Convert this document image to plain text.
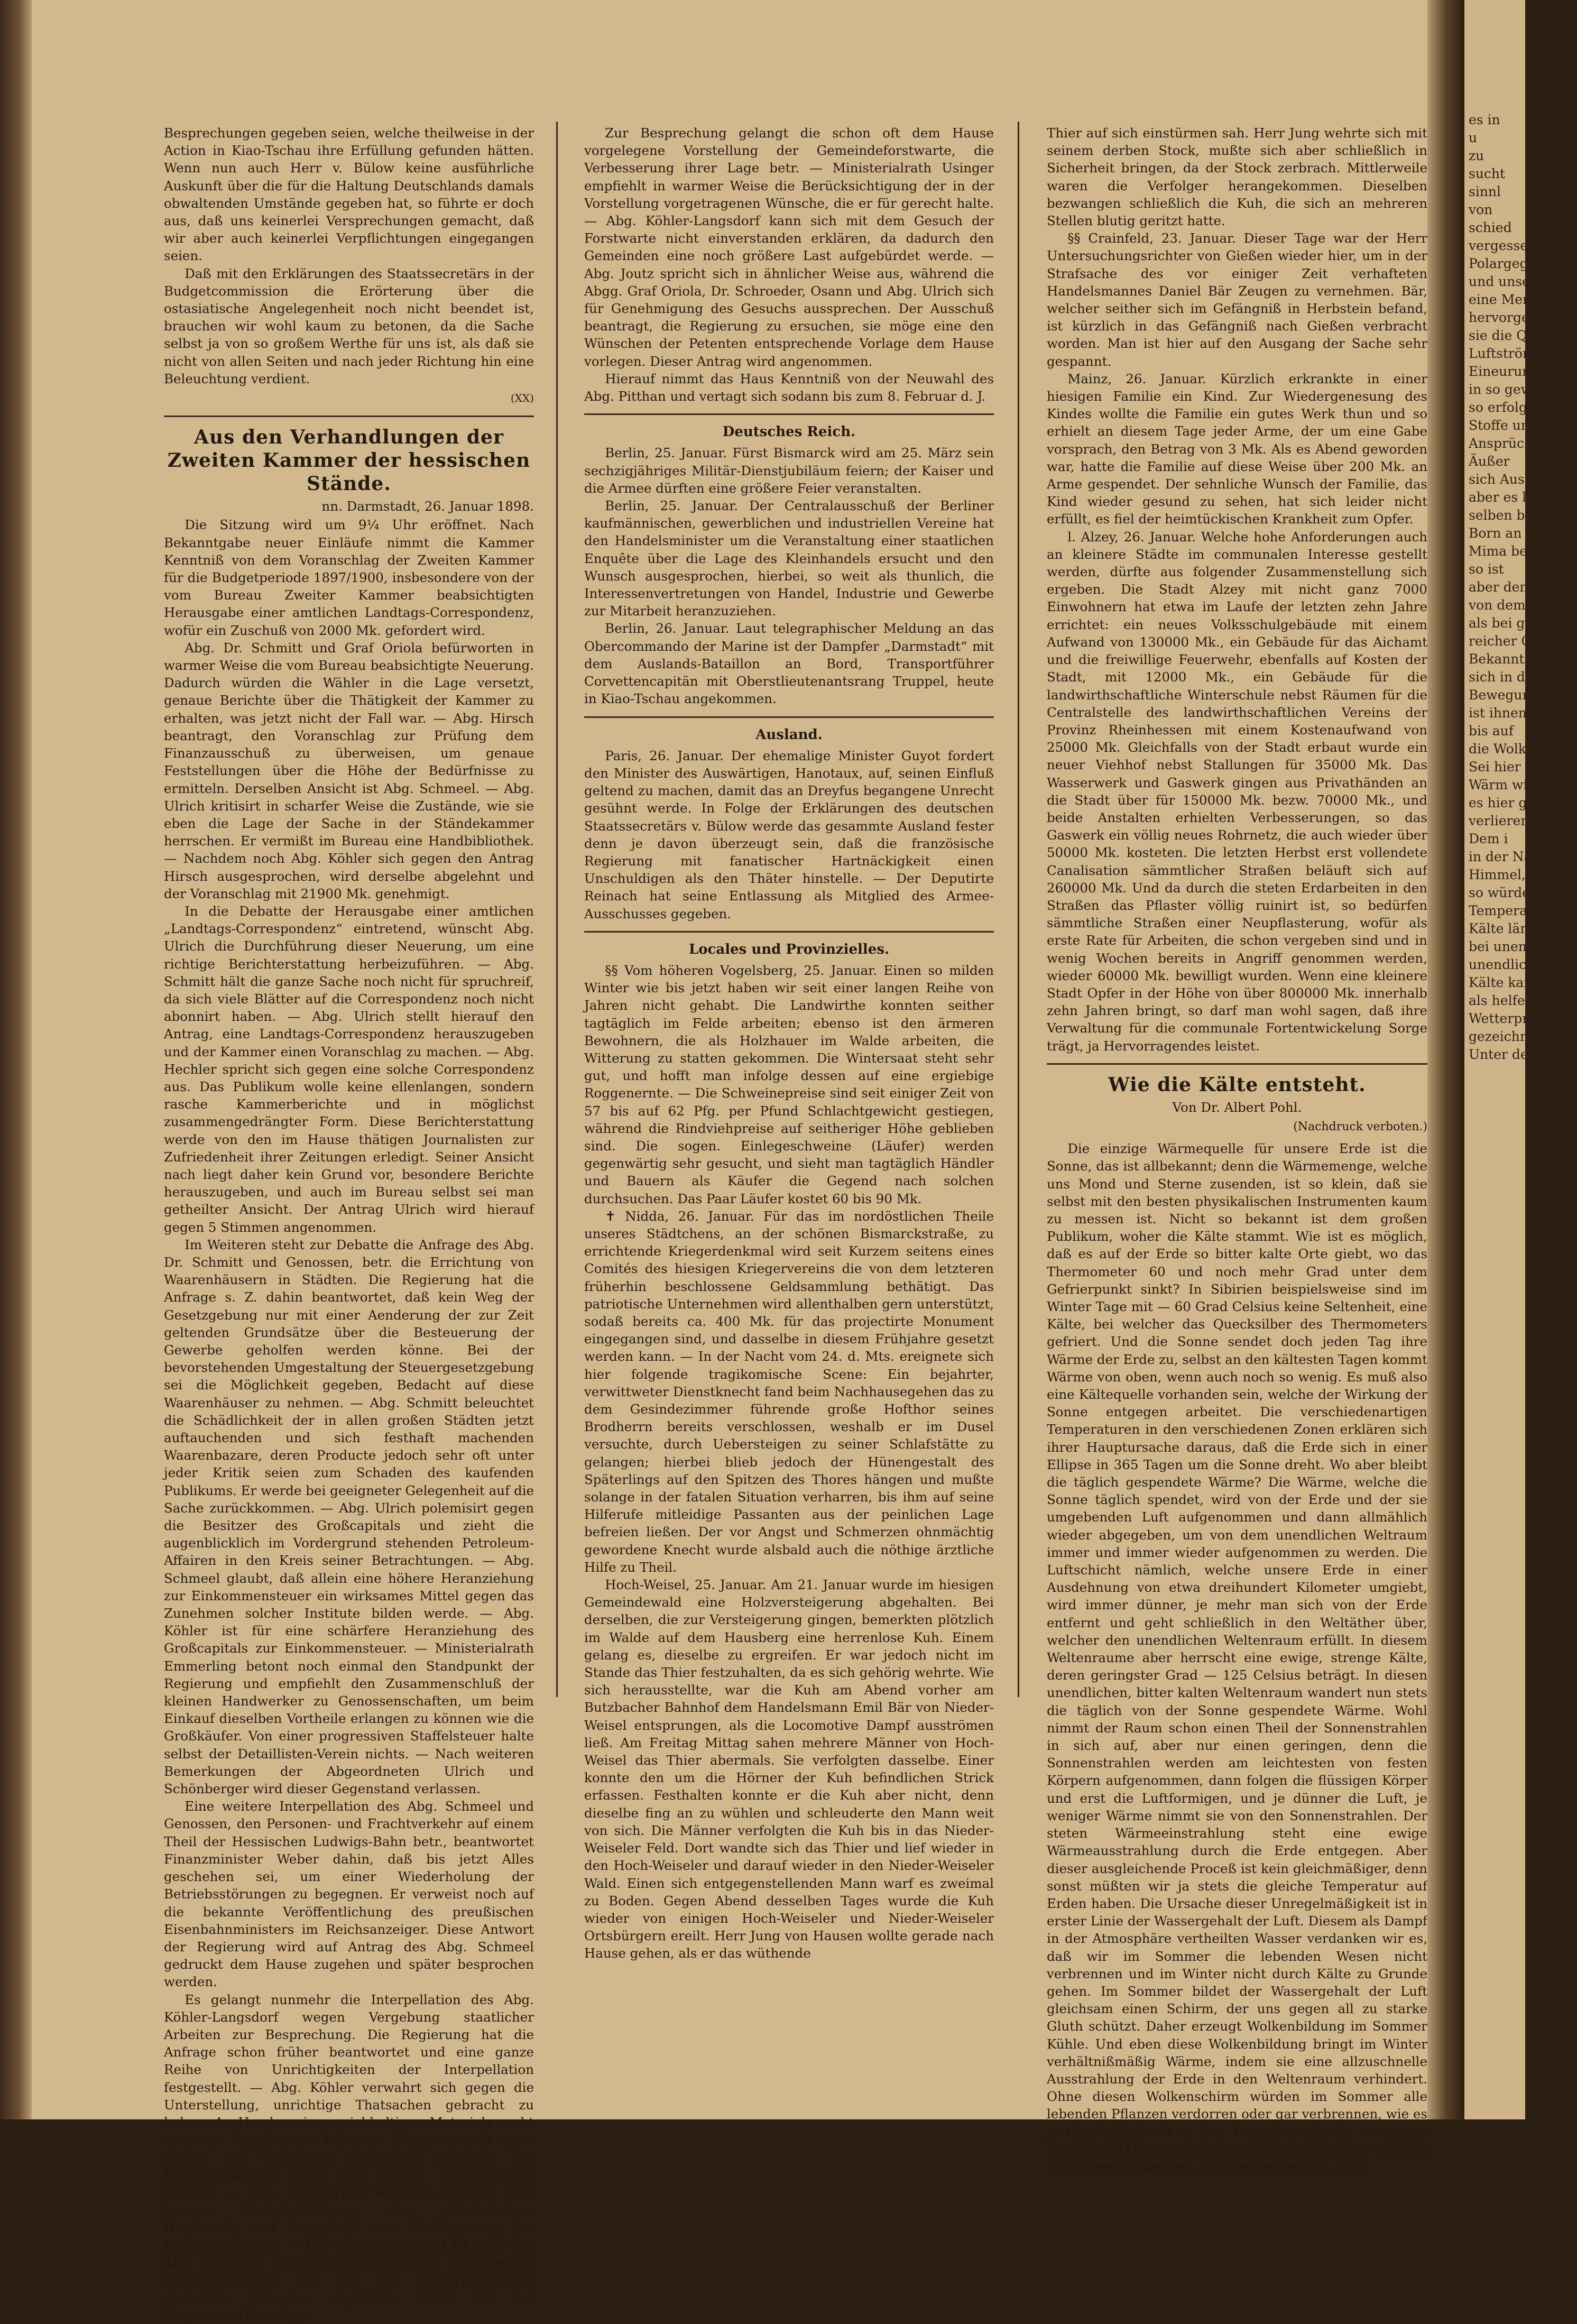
Besprechungen gegeben seien, welche theilweise in der Action in Kiao-Tschau ihre Erfüllung gefunden hätten. Wenn nun auch Herr v. Bülow keine ausführliche Auskunft über die für die Haltung Deutschlands damals obwaltenden Umstände gegeben hat, so führte er doch aus, daß uns keinerlei Versprechungen gemacht, daß wir aber auch keinerlei Verpflichtungen eingegangen seien.

Daß mit den Erklärungen des Staatssecretärs in der Budgetcommission die Erörterung über die ostasiatische Angelegenheit noch nicht beendet ist, brauchen wir wohl kaum zu betonen, da die Sache selbst ja von so großem Werthe für uns ist, als daß sie nicht von allen Seiten und nach jeder Richtung hin eine Beleuchtung verdient.

(XX)
Aus den Verhandlungen der Zweiten Kammer der hessischen Stände.
nn. Darmstadt, 26. Januar 1898.

Die Sitzung wird um 9¼ Uhr eröffnet. Nach Bekanntgabe neuer Einläufe nimmt die Kammer Kenntniß von dem Voranschlag der Zweiten Kammer für die Budgetperiode 1897/1900, insbesondere von der vom Bureau Zweiter Kammer beabsichtigten Herausgabe einer amtlichen Landtags-Correspondenz, wofür ein Zuschuß von 2000 Mk. gefordert wird.

Abg. Dr. Schmitt und Graf Oriola befürworten in warmer Weise die vom Bureau beabsichtigte Neuerung. Dadurch würden die Wähler in die Lage versetzt, genaue Berichte über die Thätigkeit der Kammer zu erhalten, was jetzt nicht der Fall war. — Abg. Hirsch beantragt, den Voranschlag zur Prüfung dem Finanzausschuß zu überweisen, um genaue Feststellungen über die Höhe der Bedürfnisse zu ermitteln. Derselben Ansicht ist Abg. Schmeel. — Abg. Ulrich kritisirt in scharfer Weise die Zustände, wie sie eben die Lage der Sache in der Ständekammer herrschen. Er vermißt im Bureau eine Handbibliothek. — Nachdem noch Abg. Köhler sich gegen den Antrag Hirsch ausgesprochen, wird derselbe abgelehnt und der Voranschlag mit 21900 Mk. genehmigt.

In die Debatte der Herausgabe einer amtlichen „Landtags-Correspondenz“ eintretend, wünscht Abg. Ulrich die Durchführung dieser Neuerung, um eine richtige Berichterstattung herbeizuführen. — Abg. Schmitt hält die ganze Sache noch nicht für spruchreif, da sich viele Blätter auf die Correspondenz noch nicht abonnirt haben. — Abg. Ulrich stellt hierauf den Antrag, eine Landtags-Correspondenz herauszugeben und der Kammer einen Voranschlag zu machen. — Abg. Hechler spricht sich gegen eine solche Correspondenz aus. Das Publikum wolle keine ellenlangen, sondern rasche Kammerberichte und in möglichst zusammengedrängter Form. Diese Berichterstattung werde von den im Hause thätigen Journalisten zur Zufriedenheit ihrer Zeitungen erledigt. Seiner Ansicht nach liegt daher kein Grund vor, besondere Berichte herauszugeben, und auch im Bureau selbst sei man getheilter Ansicht. Der Antrag Ulrich wird hierauf gegen 5 Stimmen angenommen.

Im Weiteren steht zur Debatte die Anfrage des Abg. Dr. Schmitt und Genossen, betr. die Errichtung von Waarenhäusern in Städten. Die Regierung hat die Anfrage s. Z. dahin beantwortet, daß kein Weg der Gesetzgebung nur mit einer Aenderung der zur Zeit geltenden Grundsätze über die Besteuerung der Gewerbe geholfen werden könne. Bei der bevorstehenden Umgestaltung der Steuergesetzgebung sei die Möglichkeit gegeben, Bedacht auf diese Waarenhäuser zu nehmen. — Abg. Schmitt beleuchtet die Schädlichkeit der in allen großen Städten jetzt auftauchenden und sich festhaft machenden Waarenbazare, deren Producte jedoch sehr oft unter jeder Kritik seien zum Schaden des kaufenden Publikums. Er werde bei geeigneter Gelegenheit auf die Sache zurückkommen. — Abg. Ulrich polemisirt gegen die Besitzer des Großcapitals und zieht die augenblicklich im Vordergrund stehenden Petroleum-Affairen in den Kreis seiner Betrachtungen. — Abg. Schmeel glaubt, daß allein eine höhere Heranziehung zur Einkommensteuer ein wirksames Mittel gegen das Zunehmen solcher Institute bilden werde. — Abg. Köhler ist für eine schärfere Heranziehung des Großcapitals zur Einkommensteuer. — Ministerialrath Emmerling betont noch einmal den Standpunkt der Regierung und empfiehlt den Zusammenschluß der kleinen Handwerker zu Genossenschaften, um beim Einkauf dieselben Vortheile erlangen zu können wie die Großkäufer. Von einer progressiven Staffelsteuer halte selbst der Detaillisten-Verein nichts. — Nach weiteren Bemerkungen der Abgeordneten Ulrich und Schönberger wird dieser Gegenstand verlassen.

Eine weitere Interpellation des Abg. Schmeel und Genossen, den Personen- und Frachtverkehr auf einem Theil der Hessischen Ludwigs-Bahn betr., beantwortet Finanzminister Weber dahin, daß bis jetzt Alles geschehen sei, um einer Wiederholung der Betriebsstörungen zu begegnen. Er verweist noch auf die bekannte Veröffentlichung des preußischen Eisenbahnministers im Reichsanzeiger. Diese Antwort der Regierung wird auf Antrag des Abg. Schmeel gedruckt dem Hause zugehen und später besprochen werden.

Es gelangt nunmehr die Interpellation des Abg. Köhler-Langsdorf wegen Vergebung staatlicher Arbeiten zur Besprechung. Die Regierung hat die Anfrage schon früher beantwortet und eine ganze Reihe von Unrichtigkeiten der Interpellation festgestellt. — Abg. Köhler verwahrt sich gegen die Unterstellung, unrichtige Thatsachen gebracht zu haben. An Handen eines reichhaltigen Materials sucht er seine Angaben zu belegen. Seiner Ansicht nach müßte bei Vergebung staatlicher Arbeiten der Kleinhandwerker mehr wie seither berücksichtigt werden. — Abg. Graf Oriola wünscht ebenfalls eine bessere Berücksichtigung des einheimischen Handwerks und demgemäß eine Verlängerung der Lieferungsfristen. — Der gleichen Ansicht ist auch der Abg. Schröder, der noch der Regierung eine bessere Berücksichtigung der von den Gewerbevereinen gestellten Wünsche empfiehlt. Damit ist der Gegenstand beendigt.

Zur Besprechung gelangt die schon oft dem Hause vorgelegene Vorstellung der Gemeindeforstwarte, die Verbesserung ihrer Lage betr. — Ministerialrath Usinger empfiehlt in warmer Weise die Berücksichtigung der in der Vorstellung vorgetragenen Wünsche, die er für gerecht halte. — Abg. Köhler-Langsdorf kann sich mit dem Gesuch der Forstwarte nicht einverstanden erklären, da dadurch den Gemeinden eine noch größere Last aufgebürdet werde. — Abg. Joutz spricht sich in ähnlicher Weise aus, während die Abgg. Graf Oriola, Dr. Schroeder, Osann und Abg. Ulrich sich für Genehmigung des Gesuchs aussprechen. Der Ausschuß beantragt, die Regierung zu ersuchen, sie möge eine den Wünschen der Petenten entsprechende Vorlage dem Hause vorlegen. Dieser Antrag wird angenommen.

Hierauf nimmt das Haus Kenntniß von der Neuwahl des Abg. Pitthan und vertagt sich sodann bis zum 8. Februar d. J.

Deutsches Reich.

Berlin, 25. Januar. Fürst Bismarck wird am 25. März sein sechzigjähriges Militär-Dienstjubiläum feiern; der Kaiser und die Armee dürften eine größere Feier veranstalten.

Berlin, 25. Januar. Der Centralausschuß der Berliner kaufmännischen, gewerblichen und industriellen Vereine hat den Handelsminister um die Veranstaltung einer staatlichen Enquête über die Lage des Kleinhandels ersucht und den Wunsch ausgesprochen, hierbei, so weit als thunlich, die Interessenvertretungen von Handel, Industrie und Gewerbe zur Mitarbeit heranzuziehen.

Berlin, 26. Januar. Laut telegraphischer Meldung an das Obercommando der Marine ist der Dampfer „Darmstadt“ mit dem Auslands-Bataillon an Bord, Transportführer Corvettencapitän mit Oberstlieutenantsrang Truppel, heute in Kiao-Tschau angekommen.

Ausland.

Paris, 26. Januar. Der ehemalige Minister Guyot fordert den Minister des Auswärtigen, Hanotaux, auf, seinen Einfluß geltend zu machen, damit das an Dreyfus begangene Unrecht gesühnt werde. In Folge der Erklärungen des deutschen Staatssecretärs v. Bülow werde das gesammte Ausland fester denn je davon überzeugt sein, daß die französische Regierung mit fanatischer Hartnäckigkeit einen Unschuldigen als den Thäter hinstelle. — Der Deputirte Reinach hat seine Entlassung als Mitglied des Armee-Ausschusses gegeben.

Locales und Provinzielles.

§§ Vom höheren Vogelsberg, 25. Januar. Einen so milden Winter wie bis jetzt haben wir seit einer langen Reihe von Jahren nicht gehabt. Die Landwirthe konnten seither tagtäglich im Felde arbeiten; ebenso ist den ärmeren Bewohnern, die als Holzhauer im Walde arbeiten, die Witterung zu statten gekommen. Die Wintersaat steht sehr gut, und hofft man infolge dessen auf eine ergiebige Roggenernte. — Die Schweinepreise sind seit einiger Zeit von 57 bis auf 62 Pfg. per Pfund Schlachtgewicht gestiegen, während die Rindviehpreise auf seitheriger Höhe geblieben sind. Die sogen. Einlegeschweine (Läufer) werden gegenwärtig sehr gesucht, und sieht man tagtäglich Händler und Bauern als Käufer die Gegend nach solchen durchsuchen. Das Paar Läufer kostet 60 bis 90 Mk.

✝ Nidda, 26. Januar. Für das im nordöstlichen Theile unseres Städtchens, an der schönen Bismarckstraße, zu errichtende Kriegerdenkmal wird seit Kurzem seitens eines Comités des hiesigen Kriegervereins die von dem letzteren früherhin beschlossene Geldsammlung bethätigt. Das patriotische Unternehmen wird allenthalben gern unterstützt, sodaß bereits ca. 400 Mk. für das projectirte Monument eingegangen sind, und dasselbe in diesem Frühjahre gesetzt werden kann. — In der Nacht vom 24. d. Mts. ereignete sich hier folgende tragikomische Scene: Ein bejahrter, verwittweter Dienstknecht fand beim Nachhausegehen das zu dem Gesindezimmer führende große Hofthor seines Brodherrn bereits verschlossen, weshalb er im Dusel versuchte, durch Uebersteigen zu seiner Schlafstätte zu gelangen; hierbei blieb jedoch der Hünengestalt des Späterlings auf den Spitzen des Thores hängen und mußte solange in der fatalen Situation verharren, bis ihm auf seine Hilferufe mitleidige Passanten aus der peinlichen Lage befreien ließen. Der vor Angst und Schmerzen ohnmächtig gewordene Knecht wurde alsbald auch die nöthige ärztliche Hilfe zu Theil.

Hoch-Weisel, 25. Januar. Am 21. Januar wurde im hiesigen Gemeindewald eine Holzversteigerung abgehalten. Bei derselben, die zur Versteigerung gingen, bemerkten plötzlich im Walde auf dem Hausberg eine herrenlose Kuh. Einem gelang es, dieselbe zu ergreifen. Er war jedoch nicht im Stande das Thier festzuhalten, da es sich gehörig wehrte. Wie sich herausstellte, war die Kuh am Abend vorher am Butzbacher Bahnhof dem Handelsmann Emil Bär von Nieder-Weisel entsprungen, als die Locomotive Dampf ausströmen ließ. Am Freitag Mittag sahen mehrere Männer von Hoch-Weisel das Thier abermals. Sie verfolgten dasselbe. Einer konnte den um die Hörner der Kuh befindlichen Strick erfassen. Festhalten konnte er die Kuh aber nicht, denn dieselbe fing an zu wühlen und schleuderte den Mann weit von sich. Die Männer verfolgten die Kuh bis in das Nieder-Weiseler Feld. Dort wandte sich das Thier und lief wieder in den Hoch-Weiseler und darauf wieder in den Nieder-Weiseler Wald. Einen sich entgegenstellenden Mann warf es zweimal zu Boden. Gegen Abend desselben Tages wurde die Kuh wieder von einigen Hoch-Weiseler und Nieder-Weiseler Ortsbürgern ereilt. Herr Jung von Hausen wollte gerade nach Hause gehen, als er das wüthende

Thier auf sich einstürmen sah. Herr Jung wehrte sich mit seinem derben Stock, mußte sich aber schließlich in Sicherheit bringen, da der Stock zerbrach. Mittlerweile waren die Verfolger herangekommen. Dieselben bezwangen schließlich die Kuh, die sich an mehreren Stellen blutig geritzt hatte.

§§ Crainfeld, 23. Januar. Dieser Tage war der Herr Untersuchungsrichter von Gießen wieder hier, um in der Strafsache des vor einiger Zeit verhafteten Handelsmannes Daniel Bär Zeugen zu vernehmen. Bär, welcher seither sich im Gefängniß in Herbstein befand, ist kürzlich in das Gefängniß nach Gießen verbracht worden. Man ist hier auf den Ausgang der Sache sehr gespannt.

Mainz, 26. Januar. Kürzlich erkrankte in einer hiesigen Familie ein Kind. Zur Wiedergenesung des Kindes wollte die Familie ein gutes Werk thun und so erhielt an diesem Tage jeder Arme, der um eine Gabe vorsprach, den Betrag von 3 Mk. Als es Abend geworden war, hatte die Familie auf diese Weise über 200 Mk. an Arme gespendet. Der sehnliche Wunsch der Familie, das Kind wieder gesund zu sehen, hat sich leider nicht erfüllt, es fiel der heimtückischen Krankheit zum Opfer.

l. Alzey, 26. Januar. Welche hohe Anforderungen auch an kleinere Städte im communalen Interesse gestellt werden, dürfte aus folgender Zusammenstellung sich ergeben. Die Stadt Alzey mit nicht ganz 7000 Einwohnern hat etwa im Laufe der letzten zehn Jahre errichtet: ein neues Volksschulgebäude mit einem Aufwand von 130000 Mk., ein Gebäude für das Aichamt und die freiwillige Feuerwehr, ebenfalls auf Kosten der Stadt, mit 12000 Mk., ein Gebäude für die landwirthschaftliche Winterschule nebst Räumen für die Centralstelle des landwirthschaftlichen Vereins der Provinz Rheinhessen mit einem Kostenaufwand von 25000 Mk. Gleichfalls von der Stadt erbaut wurde ein neuer Viehhof nebst Stallungen für 35000 Mk. Das Wasserwerk und Gaswerk gingen aus Privathänden an die Stadt über für 150000 Mk. bezw. 70000 Mk., und beide Anstalten erhielten Verbesserungen, so das Gaswerk ein völlig neues Rohrnetz, die auch wieder über 50000 Mk. kosteten. Die letzten Herbst erst vollendete Canalisation sämmtlicher Straßen beläuft sich auf 260000 Mk. Und da durch die steten Erdarbeiten in den Straßen das Pflaster völlig ruinirt ist, so bedürfen sämmtliche Straßen einer Neupflasterung, wofür als erste Rate für Arbeiten, die schon vergeben sind und in wenig Wochen bereits in Angriff genommen werden, wieder 60000 Mk. bewilligt wurden. Wenn eine kleinere Stadt Opfer in der Höhe von über 800000 Mk. innerhalb zehn Jahren bringt, so darf man wohl sagen, daß ihre Verwaltung für die communale Fortentwickelung Sorge trägt, ja Hervorragendes leistet.

Wie die Kälte entsteht.
Von Dr. Albert Pohl.
(Nachdruck verboten.)

Die einzige Wärmequelle für unsere Erde ist die Sonne, das ist allbekannt; denn die Wärmemenge, welche uns Mond und Sterne zusenden, ist so klein, daß sie selbst mit den besten physikalischen Instrumenten kaum zu messen ist. Nicht so bekannt ist dem großen Publikum, woher die Kälte stammt. Wie ist es möglich, daß es auf der Erde so bitter kalte Orte giebt, wo das Thermometer 60 und noch mehr Grad unter dem Gefrierpunkt sinkt? In Sibirien beispielsweise sind im Winter Tage mit — 60 Grad Celsius keine Seltenheit, eine Kälte, bei welcher das Quecksilber des Thermometers gefriert. Und die Sonne sendet doch jeden Tag ihre Wärme der Erde zu, selbst an den kältesten Tagen kommt Wärme von oben, wenn auch noch so wenig. Es muß also eine Kältequelle vorhanden sein, welche der Wirkung der Sonne entgegen arbeitet. Die verschiedenartigen Temperaturen in den verschiedenen Zonen erklären sich ihrer Hauptursache daraus, daß die Erde sich in einer Ellipse in 365 Tagen um die Sonne dreht. Wo aber bleibt die täglich gespendete Wärme? Die Wärme, welche die Sonne täglich spendet, wird von der Erde und der sie umgebenden Luft aufgenommen und dann allmählich wieder abgegeben, um von dem unendlichen Weltraum immer und immer wieder aufgenommen zu werden. Die Luftschicht nämlich, welche unsere Erde in einer Ausdehnung von etwa dreihundert Kilometer umgiebt, wird immer dünner, je mehr man sich von der Erde entfernt und geht schließlich in den Weltäther über, welcher den unendlichen Weltenraum erfüllt. In diesem Weltenraume aber herrscht eine ewige, strenge Kälte, deren geringster Grad — 125 Celsius beträgt. In diesen unendlichen, bitter kalten Weltenraum wandert nun stets die täglich von der Sonne gespendete Wärme. Wohl nimmt der Raum schon einen Theil der Sonnenstrahlen in sich auf, aber nur einen geringen, denn die Sonnenstrahlen werden am leichtesten von festen Körpern aufgenommen, dann folgen die flüssigen Körper und erst die Luftformigen, und je dünner die Luft, je weniger Wärme nimmt sie von den Sonnenstrahlen. Der steten Wärmeeinstrahlung steht eine ewige Wärmeausstrahlung durch die Erde entgegen. Aber dieser ausgleichende Proceß ist kein gleichmäßiger, denn sonst müßten wir ja stets die gleiche Temperatur auf Erden haben. Die Ursache dieser Unregelmäßigkeit ist in erster Linie der Wassergehalt der Luft. Diesem als Dampf in der Atmosphäre vertheilten Wasser verdanken wir es, daß wir im Sommer die lebenden Wesen nicht verbrennen und im Winter nicht durch Kälte zu Grunde gehen. Im Sommer bildet der Wassergehalt der Luft gleichsam einen Schirm, der uns gegen all zu starke Gluth schützt. Daher erzeugt Wolkenbildung im Sommer Kühle. Und eben diese Wolkenbildung bringt im Winter verhältnißmäßig Wärme, indem sie eine allzuschnelle Ausstrahlung der Erde in den Weltenraum verhindert. Ohne diesen Wolkenschirm würden im Sommer alle lebenden Pflanzen verdorren oder gar verbrennen, wie es ja thatsächlich oft in den Tropen geschieht, wo ganze Wälder und Grasstrecken allein durch der Sonne Gluth in Brand gesetzt werden. So ist es begreiflich, daß

es in
u
zu
sucht
sinnl
von
schied
vergessen
Polargegend
und unsere
eine Menge
hervorgerufen
sie die Quelle
Luftströmungen
Eineurung
in so gewa
so erfolgt i
Stoffe und
Ansprüche
Äußer
sich Ausser
aber es ka
selben bild
Born an de
Mima bei
so ist
aber den
von dem
als bei g
reicher Ge
Bekanntlich
sich in den
Bewegun
ist ihnen
bis auf
die Wolkenbi
Sei hier
Wärm wi
es hier g
verlieren.
Dem i
in der Na
Himmel, de
so würde
Temperatur
Kälte länger
bei unendlich
unendliche
Kälte kam
als helfen
Wetterprophet
gezeichneter
Unter den
